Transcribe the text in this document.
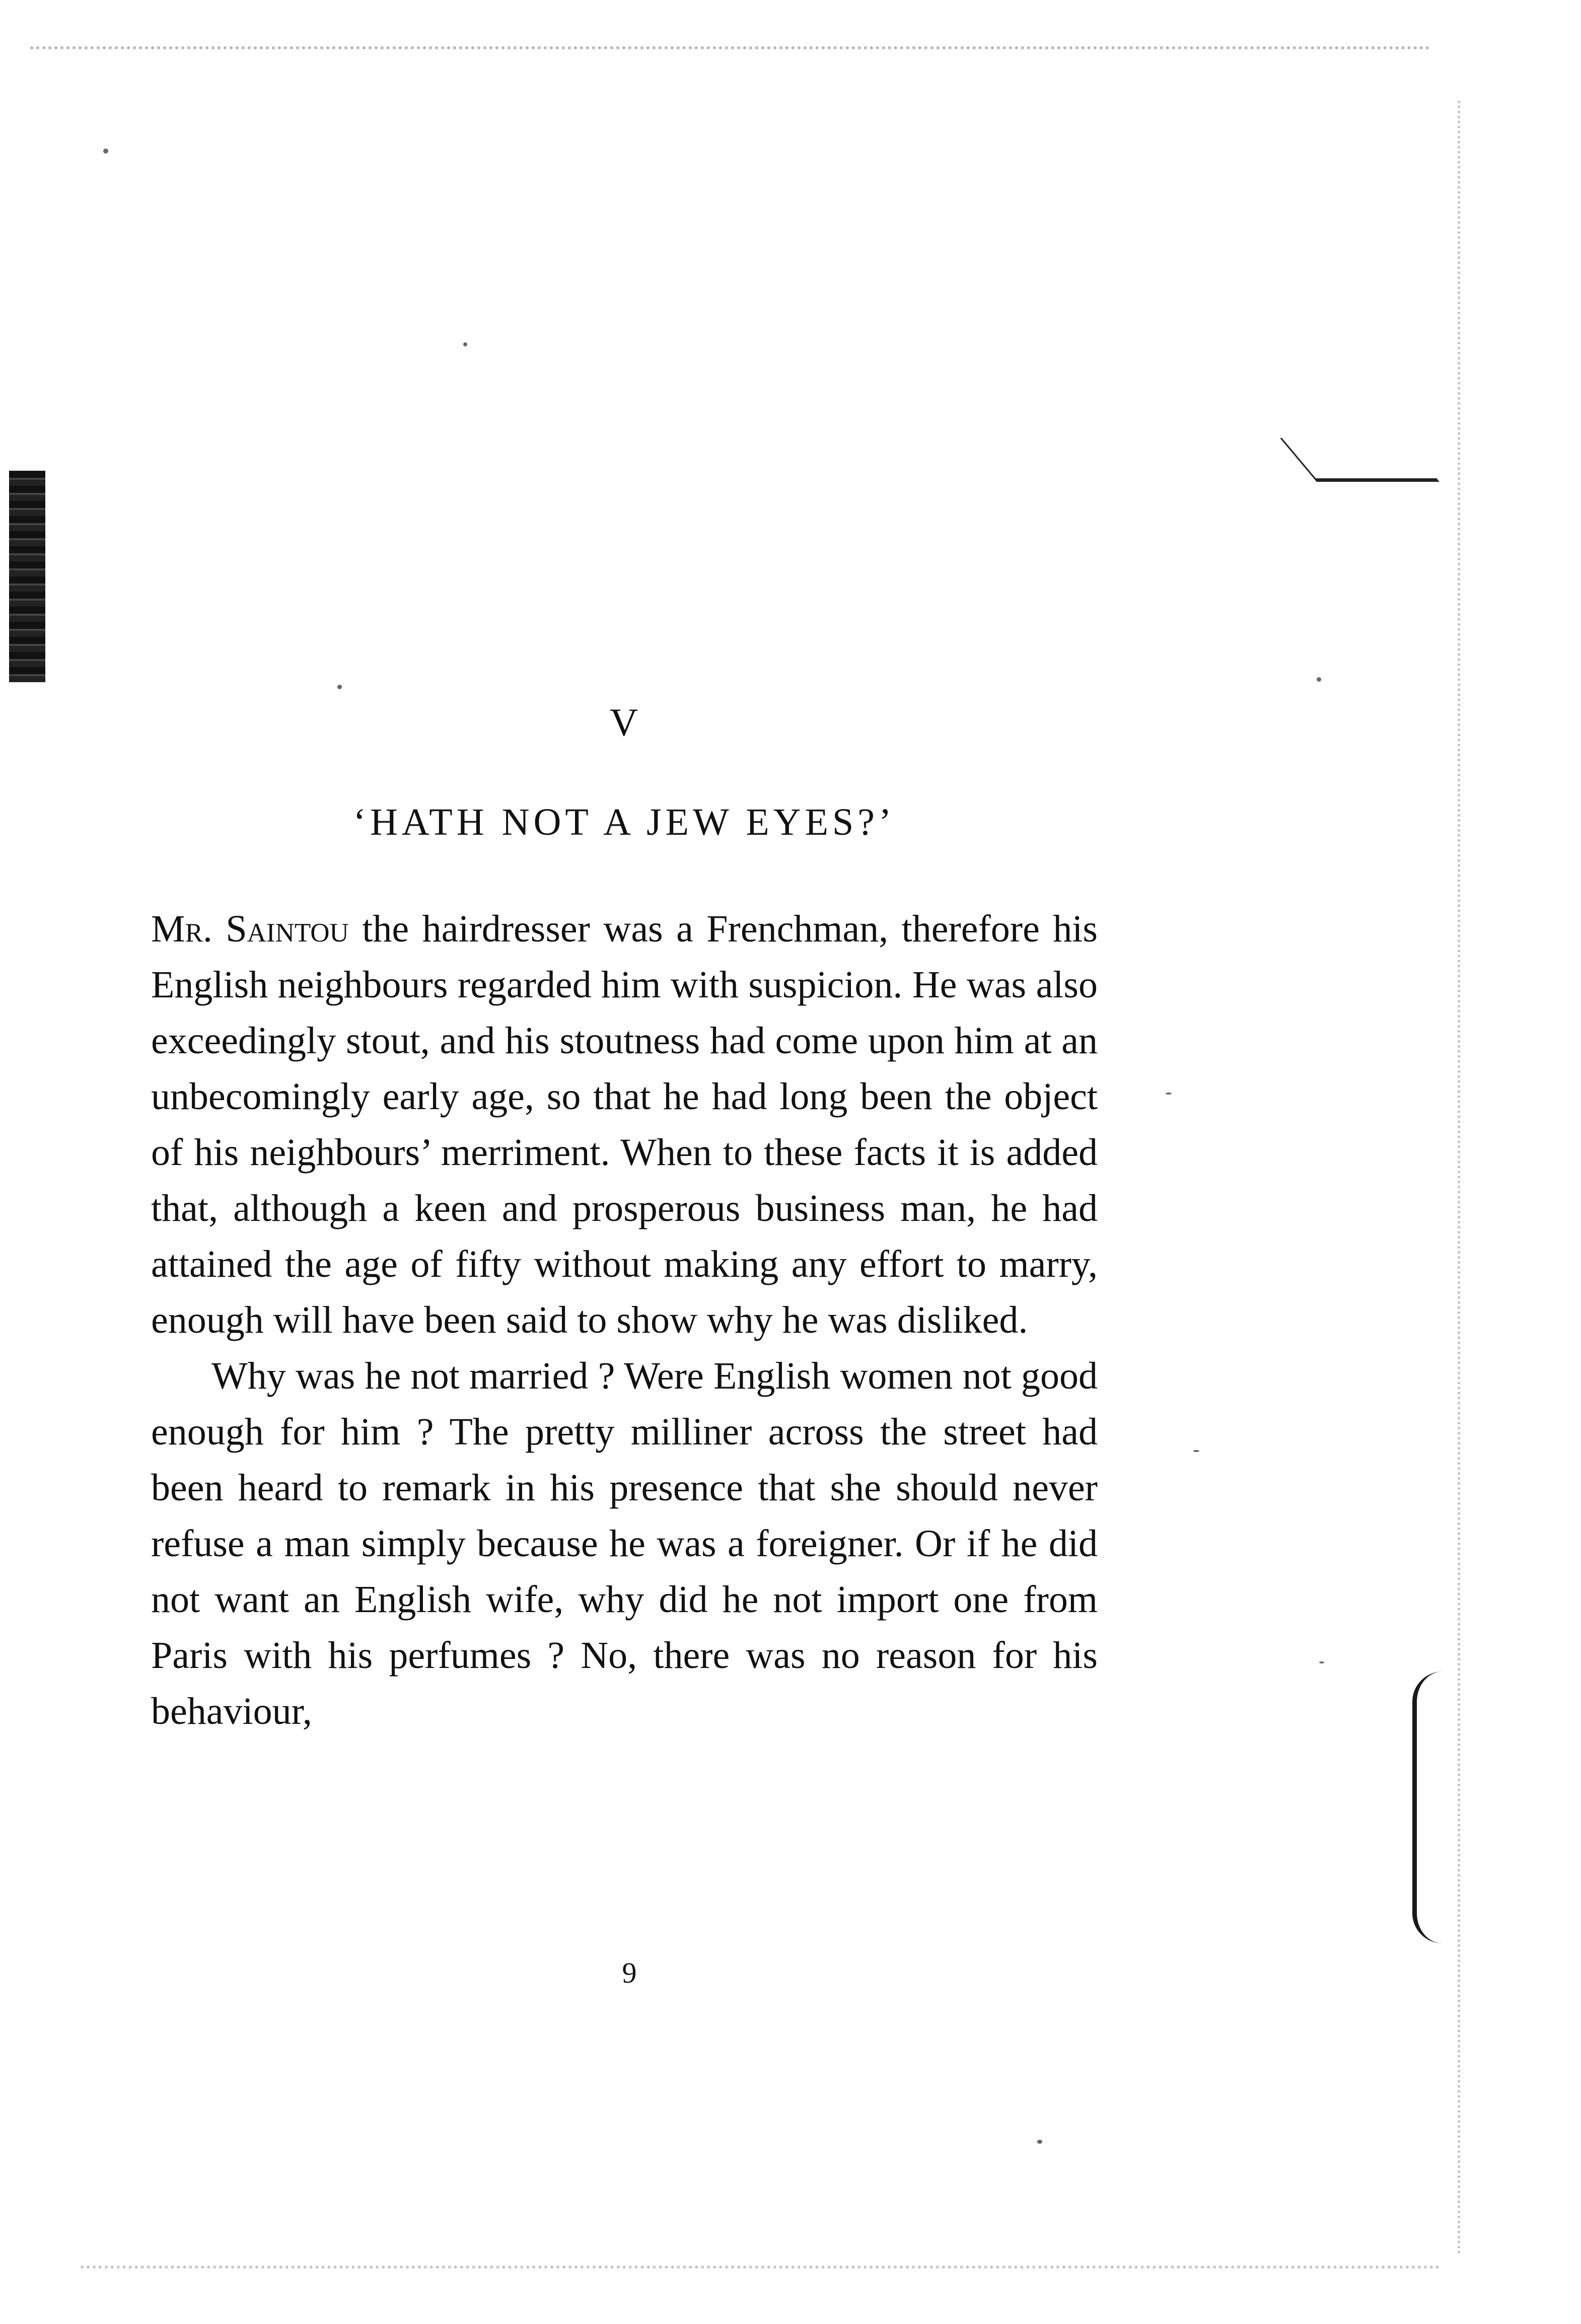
V
‘HATH NOT A JEW EYES?’

Mr. Saintou the hairdresser was a Frenchman, therefore his English neighbours regarded him with suspicion. He was also exceedingly stout, and his stoutness had come upon him at an unbecomingly early age, so that he had long been the object of his neighbours’ merriment. When to these facts it is added that, although a keen and prosperous business man, he had attained the age of fifty without making any effort to marry, enough will have been said to show why he was disliked.

Why was he not married ? Were English women not good enough for him ? The pretty milliner across the street had been heard to remark in his presence that she should never refuse a man simply because he was a foreigner. Or if he did not want an English wife, why did he not import one from Paris with his perfumes ? No, there was no reason for his behaviour,

9
